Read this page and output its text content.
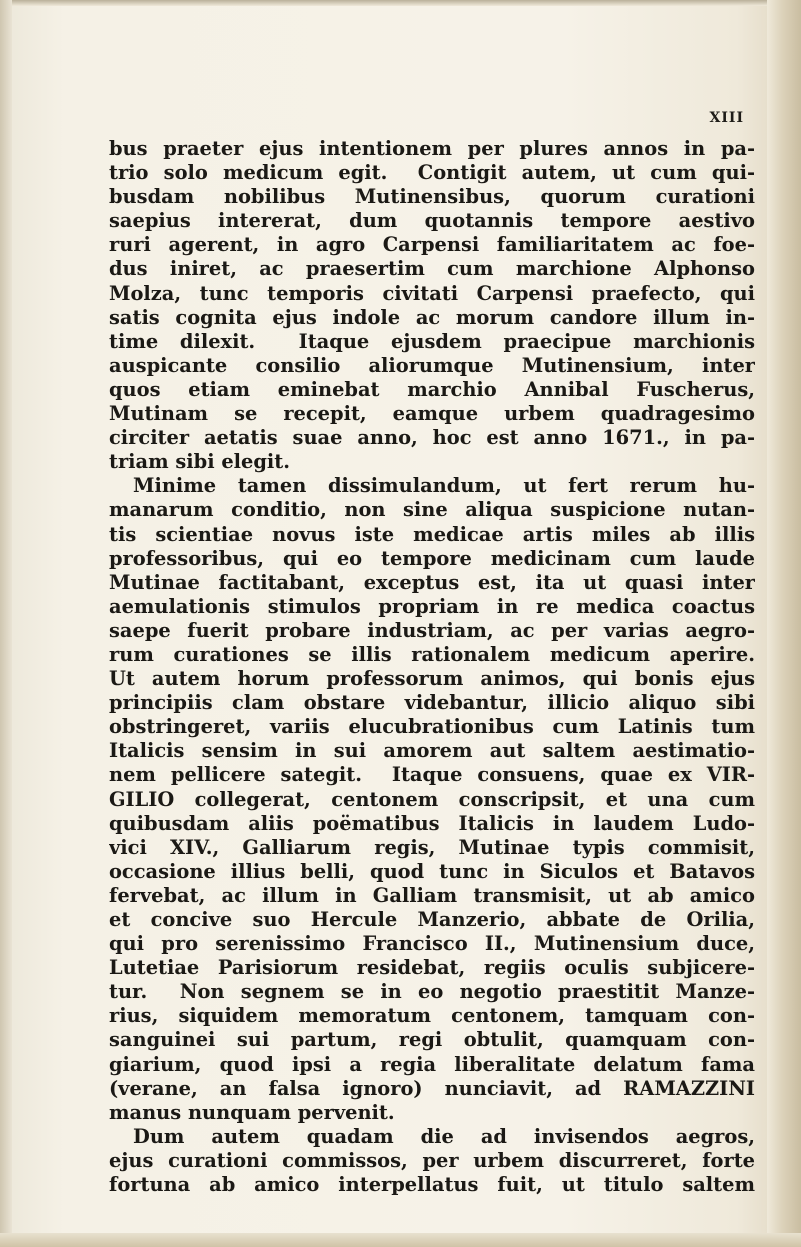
XIII
bus praeter ejus intentionem per plures annos in pa-
trio solo medicum egit.  Contigit autem, ut cum qui-
busdam nobilibus Mutinensibus, quorum curationi
saepius intererat, dum quotannis tempore aestivo
ruri agerent, in agro Carpensi familiaritatem ac foe-
dus iniret, ac praesertim cum marchione Alphonso
Molza, tunc temporis civitati Carpensi praefecto, qui
satis cognita ejus indole ac morum candore illum in-
time dilexit.  Itaque ejusdem praecipue marchionis
auspicante consilio aliorumque Mutinensium, inter
quos etiam eminebat marchio Annibal Fuscherus,
Mutinam se recepit, eamque urbem quadragesimo
circiter aetatis suae anno, hoc est anno 1671., in pa-
triam sibi elegit.
Minime tamen dissimulandum, ut fert rerum hu-
manarum conditio, non sine aliqua suspicione nutan-
tis scientiae novus iste medicae artis miles ab illis
professoribus, qui eo tempore medicinam cum laude
Mutinae factitabant, exceptus est, ita ut quasi inter
aemulationis stimulos propriam in re medica coactus
saepe fuerit probare industriam, ac per varias aegro-
rum curationes se illis rationalem medicum aperire.
Ut autem horum professorum animos, qui bonis ejus
principiis clam obstare videbantur, illicio aliquo sibi
obstringeret, variis elucubrationibus cum Latinis tum
Italicis sensim in sui amorem aut saltem aestimatio-
nem pellicere sategit.  Itaque consuens, quae ex VIR-
GILIO collegerat, centonem conscripsit, et una cum
quibusdam aliis poëmatibus Italicis in laudem Ludo-
vici XIV., Galliarum regis, Mutinae typis commisit,
occasione illius belli, quod tunc in Siculos et Batavos
fervebat, ac illum in Galliam transmisit, ut ab amico
et concive suo Hercule Manzerio, abbate de Orilia,
qui pro serenissimo Francisco II., Mutinensium duce,
Lutetiae Parisiorum residebat, regiis oculis subjicere-
tur.  Non segnem se in eo negotio praestitit Manze-
rius, siquidem memoratum centonem, tamquam con-
sanguinei sui partum, regi obtulit, quamquam con-
giarium, quod ipsi a regia liberalitate delatum fama
(verane, an falsa ignoro) nunciavit, ad RAMAZZINI
manus nunquam pervenit.
Dum autem quadam die ad invisendos aegros,
ejus curationi commissos, per urbem discurreret, forte
fortuna ab amico interpellatus fuit, ut titulo saltem
